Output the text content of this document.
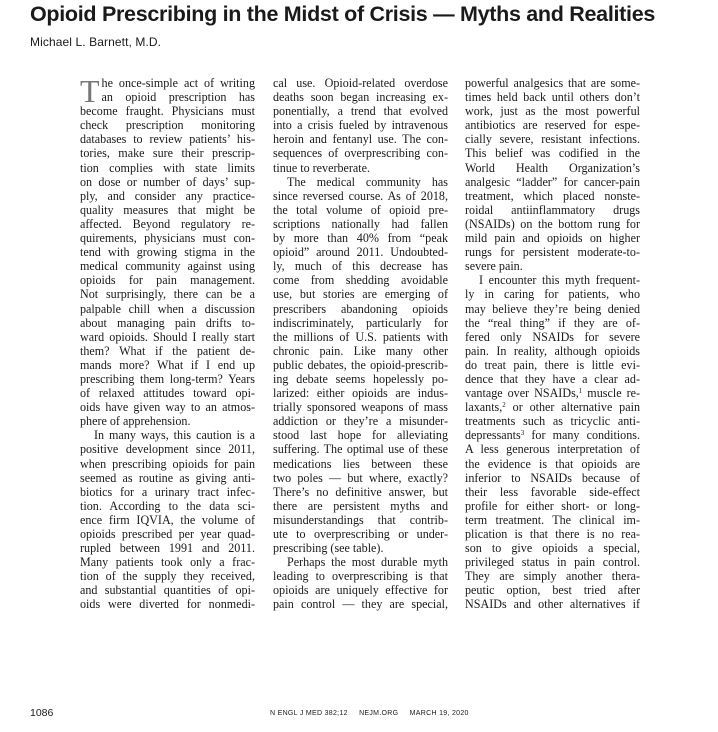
Opioid Prescribing in the Midst of Crisis — Myths and Realities
Michael L. Barnett, M.D.
T he once-simple act of writing
an opioid prescription has
become fraught. Physicians must
check prescription monitoring
databases to review patients’ his-
tories, make sure their prescrip-
tion complies with state limits
on dose or number of days’ sup-
ply, and consider any practice-
quality measures that might be
affected. Beyond regulatory re-
quirements, physicians must con-
tend with growing stigma in the
medical community against using
opioids for pain management.
Not surprisingly, there can be a
palpable chill when a discussion
about managing pain drifts to-
ward opioids. Should I really start
them? What if the patient de-
mands more? What if I end up
prescribing them long-term? Years
of relaxed attitudes toward opi-
oids have given way to an atmos-
phere of apprehension.
In many ways, this caution is a
positive development since 2011,
when prescribing opioids for pain
seemed as routine as giving anti-
biotics for a urinary tract infec-
tion. According to the data sci-
ence firm IQVIA, the volume of
opioids prescribed per year quad-
rupled between 1991 and 2011.
Many patients took only a frac-
tion of the supply they received,
and substantial quantities of opi-
oids were diverted for nonmedi-
cal use. Opioid-related overdose
deaths soon began increasing ex-
ponentially, a trend that evolved
into a crisis fueled by intravenous
heroin and fentanyl use. The con-
sequences of overprescribing con-
tinue to reverberate.
The medical community has
since reversed course. As of 2018,
the total volume of opioid pre-
scriptions nationally had fallen
by more than 40% from “peak
opioid” around 2011. Undoubted-
ly, much of this decrease has
come from shedding avoidable
use, but stories are emerging of
prescribers abandoning opioids
indiscriminately, particularly for
the millions of U.S. patients with
chronic pain. Like many other
public debates, the opioid-prescrib-
ing debate seems hopelessly po-
larized: either opioids are indus-
trially sponsored weapons of mass
addiction or they’re a misunder-
stood last hope for alleviating
suffering. The optimal use of these
medications lies between these
two poles — but where, exactly?
There’s no definitive answer, but
there are persistent myths and
misunderstandings that contrib-
ute to overprescribing or under-
prescribing (see table).
Perhaps the most durable myth
leading to overprescribing is that
opioids are uniquely effective for
pain control — they are special,
powerful analgesics that are some-
times held back until others don’t
work, just as the most powerful
antibiotics are reserved for espe-
cially severe, resistant infections.
This belief was codified in the
World Health Organization’s
analgesic “ladder” for cancer-pain
treatment, which placed nonste-
roidal antiinflammatory drugs
(NSAIDs) on the bottom rung for
mild pain and opioids on higher
rungs for persistent moderate-to-
severe pain.
I encounter this myth frequent-
ly in caring for patients, who
may believe they’re being denied
the “real thing” if they are of-
fered only NSAIDs for severe
pain. In reality, although opioids
do treat pain, there is little evi-
dence that they have a clear ad-
vantage over NSAIDs,$^1$ muscle re-
laxants,$^2$ or other alternative pain
treatments such as tricyclic anti-
depressants$^3$ for many conditions.
A less generous interpretation of
the evidence is that opioids are
inferior to NSAIDs because of
their less favorable side-effect
profile for either short- or long-
term treatment. The clinical im-
plication is that there is no rea-
son to give opioids a special,
privileged status in pain control.
They are simply another thera-
peutic option, best tried after
NSAIDs and other alternatives if
1086	N ENGL J MED 382;12 NEJM.ORG MARCH 19, 2020
